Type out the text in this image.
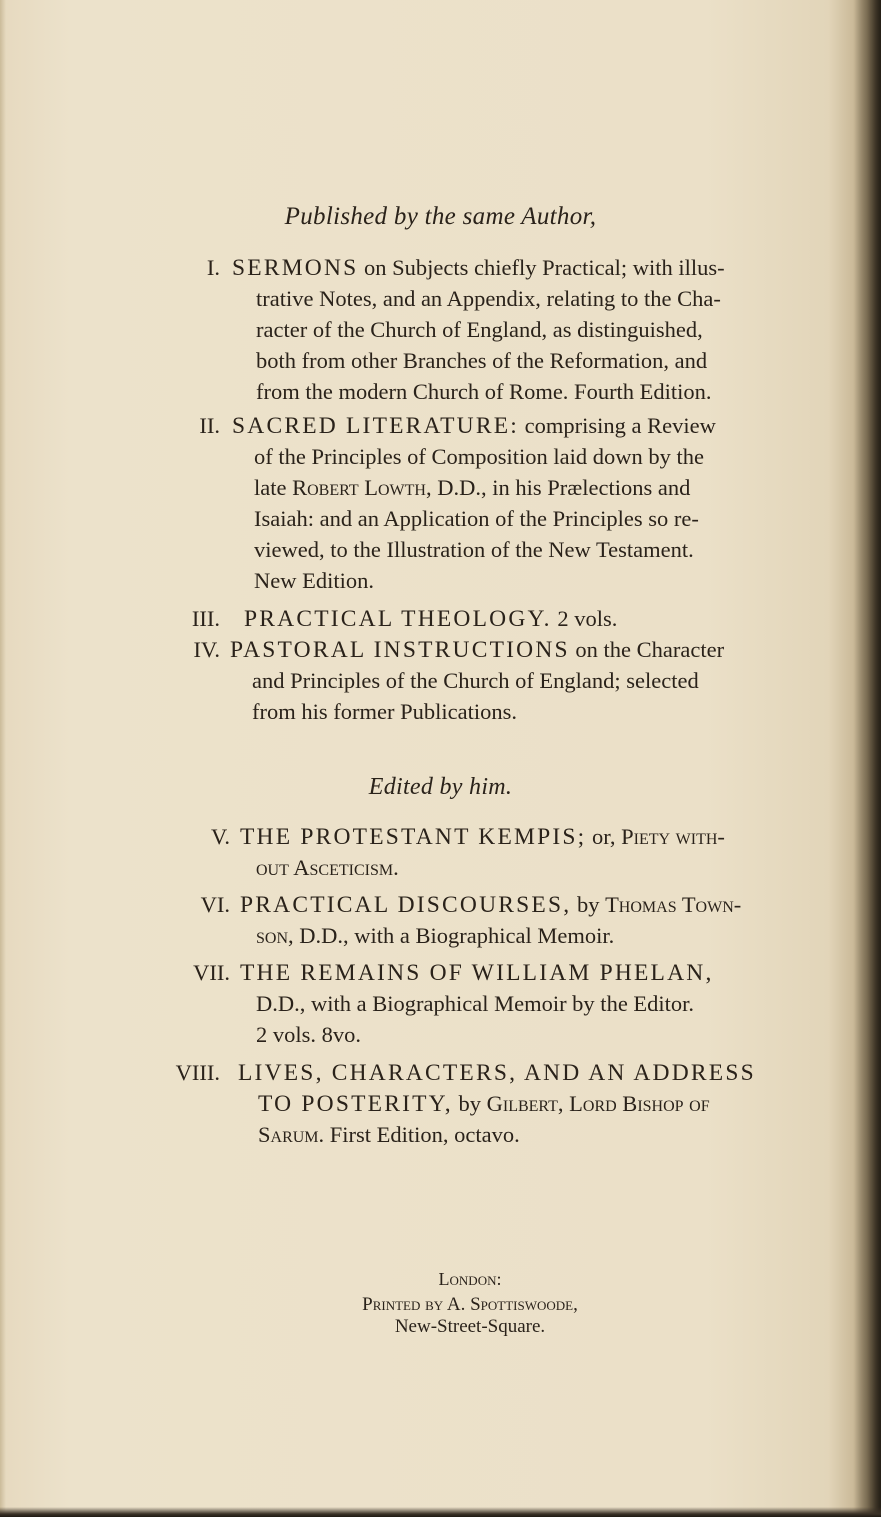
Published by the same Author,
I. SERMONS on Subjects chiefly Practical; with illus-
trative Notes, and an Appendix, relating to the Cha-
racter of the Church of England, as distinguished,
both from other Branches of the Reformation, and
from the modern Church of Rome. Fourth Edition.
II. SACRED LITERATURE: comprising a Review
of the Principles of Composition laid down by the
late Robert Lowth, D.D., in his Prælections and
Isaiah: and an Application of the Principles so re-
viewed, to the Illustration of the New Testament.
New Edition.
III. PRACTICAL THEOLOGY. 2 vols.
IV. PASTORAL INSTRUCTIONS on the Character
and Principles of the Church of England; selected
from his former Publications.
Edited by him.
V. THE PROTESTANT KEMPIS; or, Piety with-
out Asceticism.
VI. PRACTICAL DISCOURSES, by Thomas Town-
son, D.D., with a Biographical Memoir.
VII. THE REMAINS OF WILLIAM PHELAN,
D.D., with a Biographical Memoir by the Editor.
2 vols. 8vo.
VIII. LIVES, CHARACTERS, AND AN ADDRESS
TO POSTERITY, by Gilbert, Lord Bishop of
Sarum. First Edition, octavo.
London:
Printed by A. Spottiswoode,
New-Street-Square.
